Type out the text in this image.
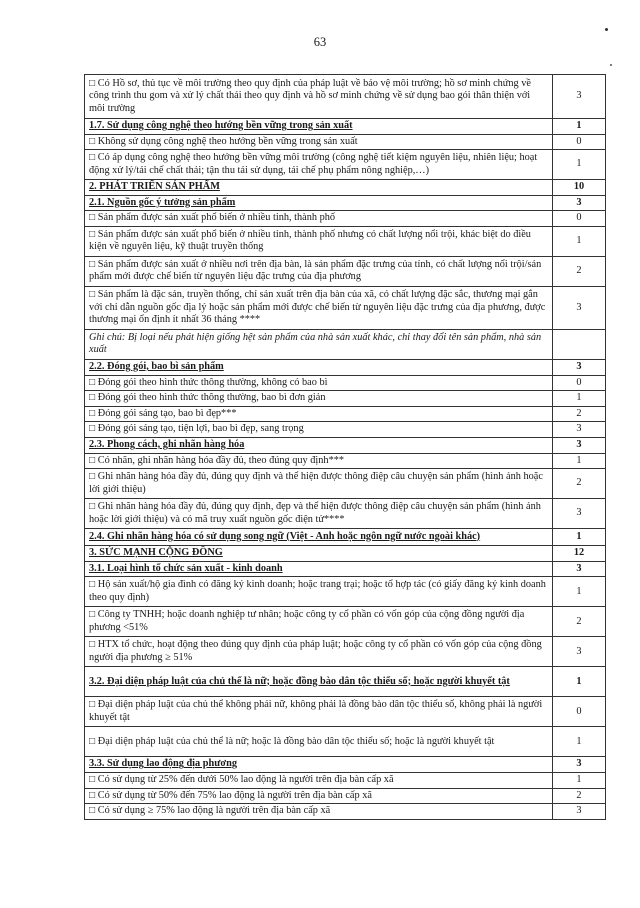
63
□ Có Hồ sơ, thủ tục về môi trường theo quy định của pháp luật về bảo vệ môi trường; hồ sơ minh chứng về công trình thu gom và xử lý chất thải theo quy định và hồ sơ minh chứng về sử dụng bao gói thân thiện với môi trường	3
1.7. Sử dụng công nghệ theo hướng bền vững trong sản xuất	1
□ Không sử dụng công nghệ theo hướng bền vững trong sản xuất	0
□ Có áp dụng công nghệ theo hướng bền vững môi trường (công nghệ tiết kiệm nguyên liệu, nhiên liệu; hoạt động xử lý/tái chế chất thải; tận thu tái sử dụng, tái chế phụ phẩm nông nghiệp,…)	1
2. PHÁT TRIỂN SẢN PHẨM	10
2.1. Nguồn gốc ý tưởng sản phẩm	3
□ Sản phẩm được sản xuất phổ biến ở nhiều tỉnh, thành phố	0
□ Sản phẩm được sản xuất phổ biến ở nhiều tỉnh, thành phố nhưng có chất lượng nổi trội, khác biệt do điều kiện về nguyên liệu, kỹ thuật truyền thống	1
□ Sản phẩm được sản xuất ở nhiều nơi trên địa bàn, là sản phẩm đặc trưng của tỉnh, có chất lượng nổi trội/sản phẩm mới được chế biến từ nguyên liệu đặc trưng của địa phương	2
□ Sản phẩm là đặc sản, truyền thống, chỉ sản xuất trên địa bàn của xã, có chất lượng đặc sắc, thương mại gắn với chỉ dẫn nguồn gốc địa lý hoặc sản phẩm mới được chế biến từ nguyên liệu đặc trưng của địa phương, được thương mại ổn định ít nhất 36 tháng ****	3
Ghi chú: Bị loại nếu phát hiện giống hệt sản phẩm của nhà sản xuất khác, chỉ thay đổi tên sản phẩm, nhà sản xuất	
2.2. Đóng gói, bao bì sản phẩm	3
□ Đóng gói theo hình thức thông thường, không có bao bì	0
□ Đóng gói theo hình thức thông thường, bao bì đơn giản	1
□ Đóng gói sáng tạo, bao bì đẹp***	2
□ Đóng gói sáng tạo, tiện lợi, bao bì đẹp, sang trọng	3
2.3. Phong cách, ghi nhãn hàng hóa	3
□ Có nhãn, ghi nhãn hàng hóa đầy đủ, theo đúng quy định***	1
□ Ghi nhãn hàng hóa đầy đủ, đúng quy định và thể hiện được thông điệp câu chuyện sản phẩm (hình ảnh hoặc lời giới thiệu)	2
□ Ghi nhãn hàng hóa đầy đủ, đúng quy định, đẹp và thể hiện được thông điệp câu chuyện sản phẩm (hình ảnh hoặc lời giới thiệu) và có mã truy xuất nguồn gốc điện tử****	3
2.4. Ghi nhãn hàng hóa có sử dụng song ngữ (Việt - Anh hoặc ngôn ngữ nước ngoài khác)	1
3. SỨC MẠNH CỘNG ĐỒNG	12
3.1. Loại hình tổ chức sản xuất - kinh doanh	3
□ Hộ sản xuất/hộ gia đình có đăng ký kinh doanh; hoặc trang trại; hoặc tổ hợp tác (có giấy đăng ký kinh doanh theo quy định)	1
□ Công ty TNHH; hoặc doanh nghiệp tư nhân; hoặc công ty cổ phần có vốn góp của cộng đồng người địa phương <51%	2
□ HTX tổ chức, hoạt động theo đúng quy định của pháp luật; hoặc công ty cổ phần có vốn góp của cộng đồng người địa phương ≥ 51%	3
3.2. Đại diện pháp luật của chủ thể là nữ; hoặc đồng bào dân tộc thiểu số; hoặc người khuyết tật	1
□ Đại diện pháp luật của chủ thể không phải nữ, không phải là đồng bào dân tộc thiểu số, không phải là người khuyết tật	0
□ Đại diện pháp luật của chủ thể là nữ; hoặc là đồng bào dân tộc thiểu số; hoặc là người khuyết tật	1
3.3. Sử dụng lao động địa phương	3
□ Có sử dụng từ 25% đến dưới 50% lao động là người trên địa bàn cấp xã	1
□ Có sử dụng từ 50% đến 75% lao động là người trên địa bàn cấp xã	2
□ Có sử dụng ≥ 75% lao động là người trên địa bàn cấp xã	3
